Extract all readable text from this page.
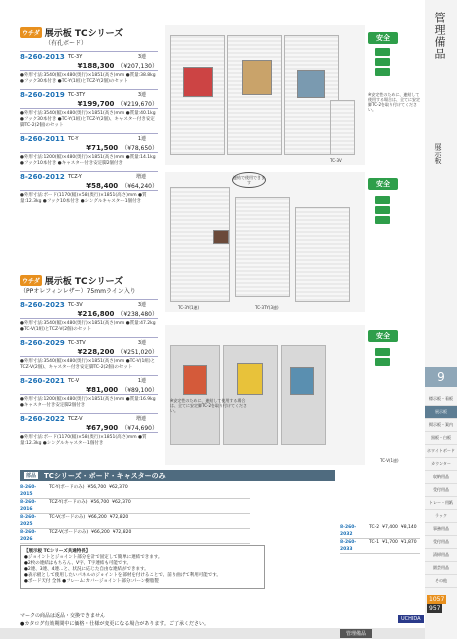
ウチダ 展示板 TCシリーズ
（有孔ボード）
8-260-2013 TC-3Y	3連
¥188,300 （¥207,130）
●外形寸法:3540(幅)×480(奥行)×1851(高さ)mm ●質量:38.8kg ●フック30本付き ●TC-Y(1組)とTCZ-Y(2個)のセット
8-260-2019 TC-3TY	3連
¥199,700 （¥219,670）
●外形寸法:3540(幅)×480(奥行)×1851(高さ)mm ●質量:40.1kg ●フック30本付き ●TC-Y(1組)とTCZ-Y(2個)、キャスター付き安定脚TC-2(2個)のセット
8-260-2011 TC-Y	1連
¥71,500 （¥78,650）
●外形寸法:1200(幅)×480(奥行)×1851(高さ)mm ●質量:14.1kg ●フック10本付き ●キャスター付き安定脚2個付き
8-260-2012 TCZ-Y	増連
¥58,400 （¥64,240）
●外形寸法:ボード(1170(幅)×58(奥行)×1851(高さ)mm ●質量:12.3kg ●フック10本付き ●シングルキャスター1個付き
ウチダ 展示板 TCシリーズ
（PPオレフィンレザー）75mmライン入り
8-260-2023 TC-3V	3連
¥216,800 （¥238,480）
●外形寸法:3540(幅)×480(奥行)×1851(高さ)mm ●質量:47.2kg ●TC-V(1組)とTCZ-V(2個)のセット
8-260-2029 TC-3TV	3連
¥228,200 （¥251,020）
●外形寸法:3540(幅)×480(奥行)×1851(高さ)mm ●TC-V(1組)とTCZ-V(2個)、キャスター付き安定脚TC-2(2個)のセット
8-260-2021 TC-V	1連
¥81,000 （¥89,100）
●外形寸法:1200(幅)×480(奥行)×1851(高さ)mm ●質量:16.9kg ●キャスター付き安定脚2個付き
8-260-2022 TCZ-V	増連
¥67,900 （¥74,690）
●外形寸法:ボード(1170(幅)×58(奥行)×1851(高さ)mm ●質量:12.3kg ●シングルキャスター1個付き
安全
※安定性のために、連結して使用する場合は、全てに安定脚TC-2を取り付けてください。
TC-3V
連結で使用できます	安全
TC-3Y(1連)	TC-3TY(3連)
安全
※安定性のために、連結して使用する場合は、全てに安定脚TC-2を取り付けてください。
TC-V(1連)
部品 TCシリーズ・ボード・キャスターのみ
8-260-2015
TC-Y(ボードのみ) ¥56,700 ¥62,370
8-260-2016
TCZ-Y(ボードのみ) ¥56,700 ¥62,370
8-260-2025
TC-V(ボードのみ) ¥66,200 ¥72,820
8-260-2026
TCZ-V(ボードのみ) ¥66,200 ¥72,820
8-260-2032
TC-2 ¥7,400 ¥8,140
8-260-2033
TC-1 ¥1,700 ¥1,870
【展示板 TCシリーズ共通特長】
●ジョイントとジョイント部分を計で固定して簡単に連結できます。
●2枚の連結はもちろん、V字、T字連結も可能です。
●2連、3連、4連…と、状況に応じた自由な連結ができます。
●表示板として使用したいパネルのジョイントを部材を付けることで、前り曲げて利用可能です。
●ボード天付 全体 ●フレーム:カバージョイント部分:パーン樹脂製
マークの商品は返品・交換できません
●カタログ有効期間中に価格・仕様が変更になる場合があります。ご了承ください。
管理備品
UCHIDA
管理備品
展示板
9
標示板・看板
展示板
掲示板・案内
黒板・白板
ホワイトボード
カウンター
収納用品
受付用品
トレー・用紙
ラック
事務用品
受付用品
清掃用品
園芸用品
その他
1057
957
